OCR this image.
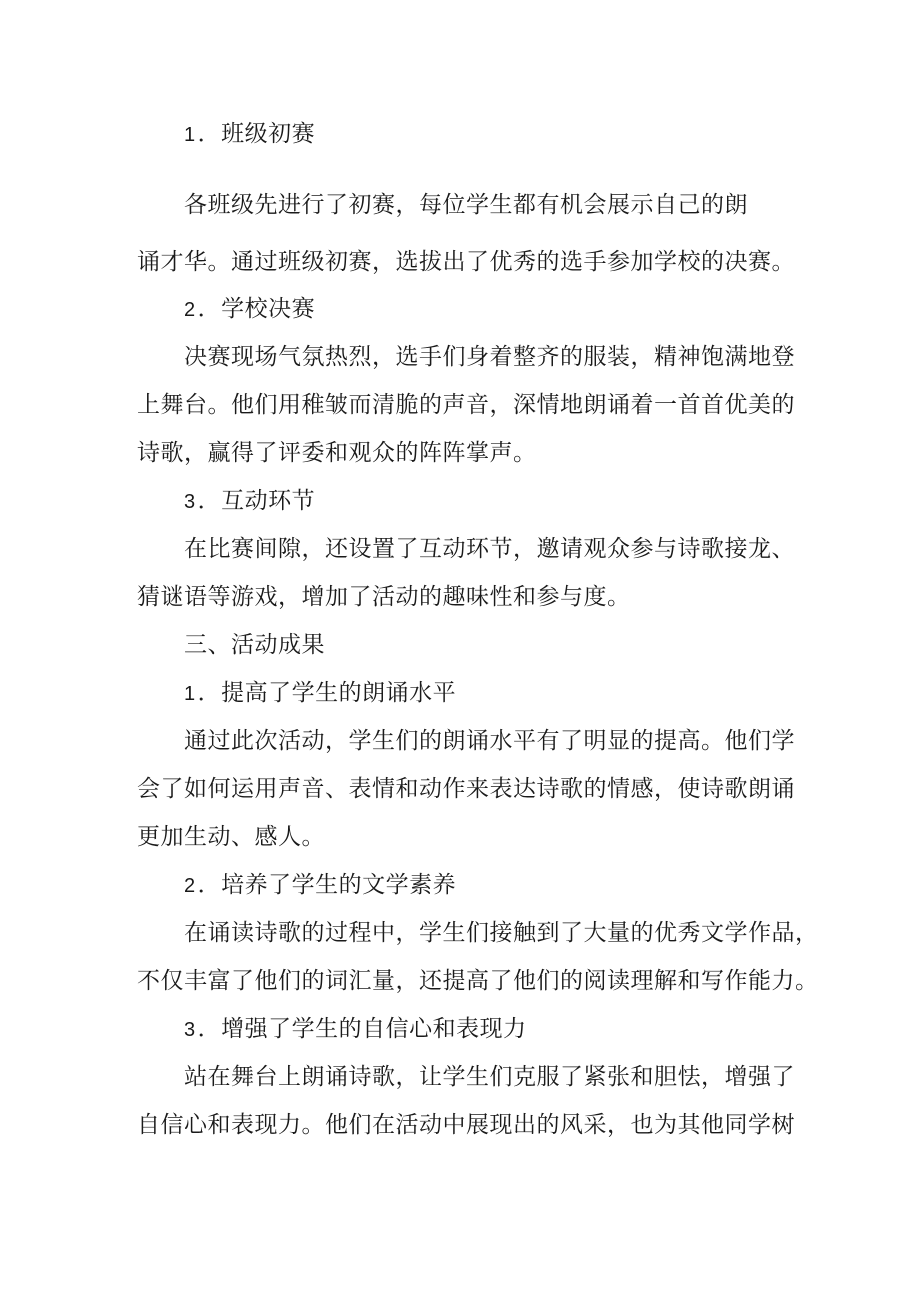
1．班级初赛
各班级先进行了初赛，每位学生都有机会展示自己的朗
诵才华。通过班级初赛，选拔出了优秀的选手参加学校的决赛。
2．学校决赛
决赛现场气氛热烈，选手们身着整齐的服装，精神饱满地登
上舞台。他们用稚皱而清脆的声音，深情地朗诵着一首首优美的
诗歌，赢得了评委和观众的阵阵掌声。
3．互动环节
在比赛间隙，还设置了互动环节，邀请观众参与诗歌接龙、
猜谜语等游戏，增加了活动的趣味性和参与度。
三、活动成果
1．提高了学生的朗诵水平
通过此次活动，学生们的朗诵水平有了明显的提高。他们学
会了如何运用声音、表情和动作来表达诗歌的情感，使诗歌朗诵
更加生动、感人。
2．培养了学生的文学素养
在诵读诗歌的过程中，学生们接触到了大量的优秀文学作品，
不仅丰富了他们的词汇量，还提高了他们的阅读理解和写作能力。
3．增强了学生的自信心和表现力
站在舞台上朗诵诗歌，让学生们克服了紧张和胆怯，增强了
自信心和表现力。他们在活动中展现出的风采，也为其他同学树
